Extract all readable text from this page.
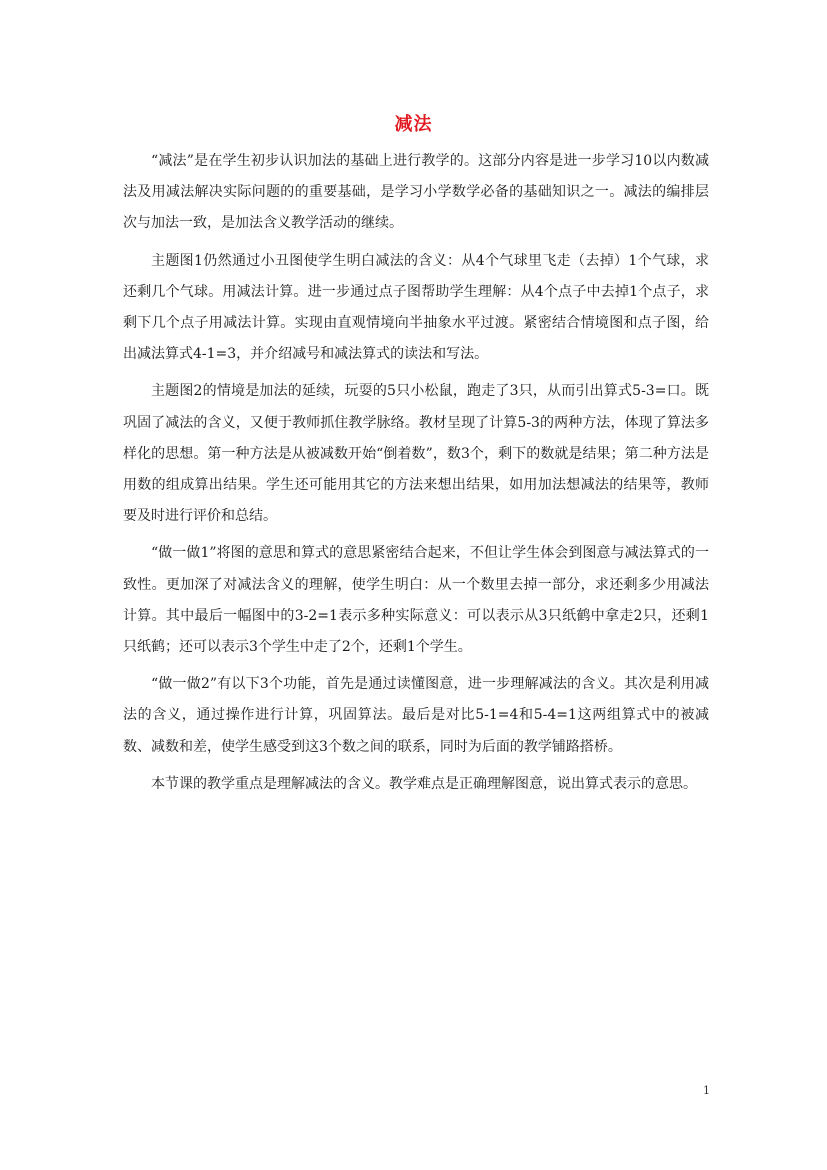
减法

“减法”是在学生初步认识加法的基础上进行教学的。这部分内容是进一步学习10以内数减法及用减法解决实际问题的的重要基础，是学习小学数学必备的基础知识之一。减法的编排层次与加法一致，是加法含义教学活动的继续。

主题图1仍然通过小丑图使学生明白减法的含义：从4个气球里飞走（去掉）1个气球，求还剩几个气球。用减法计算。进一步通过点子图帮助学生理解：从4个点子中去掉1个点子，求剩下几个点子用减法计算。实现由直观情境向半抽象水平过渡。紧密结合情境图和点子图，给出减法算式4-1=3，并介绍减号和减法算式的读法和写法。

主题图2的情境是加法的延续，玩耍的5只小松鼠，跑走了3只，从而引出算式5-3=口。既巩固了减法的含义，又便于教师抓住教学脉络。教材呈现了计算5-3的两种方法，体现了算法多样化的思想。第一种方法是从被减数开始“倒着数”，数3个，剩下的数就是结果；第二种方法是用数的组成算出结果。学生还可能用其它的方法来想出结果，如用加法想减法的结果等，教师要及时进行评价和总结。

“做一做1”将图的意思和算式的意思紧密结合起来，不但让学生体会到图意与减法算式的一致性。更加深了对减法含义的理解，使学生明白：从一个数里去掉一部分，求还剩多少用减法计算。其中最后一幅图中的3-2=1表示多种实际意义：可以表示从3只纸鹤中拿走2只，还剩1只纸鹤；还可以表示3个学生中走了2个，还剩1个学生。

“做一做2”有以下3个功能，首先是通过读懂图意，进一步理解减法的含义。其次是利用减法的含义，通过操作进行计算，巩固算法。最后是对比5-1=4和5-4=1这两组算式中的被减数、减数和差，使学生感受到这3个数之间的联系，同时为后面的教学铺路搭桥。

本节课的教学重点是理解减法的含义。教学难点是正确理解图意，说出算式表示的意思。

1
